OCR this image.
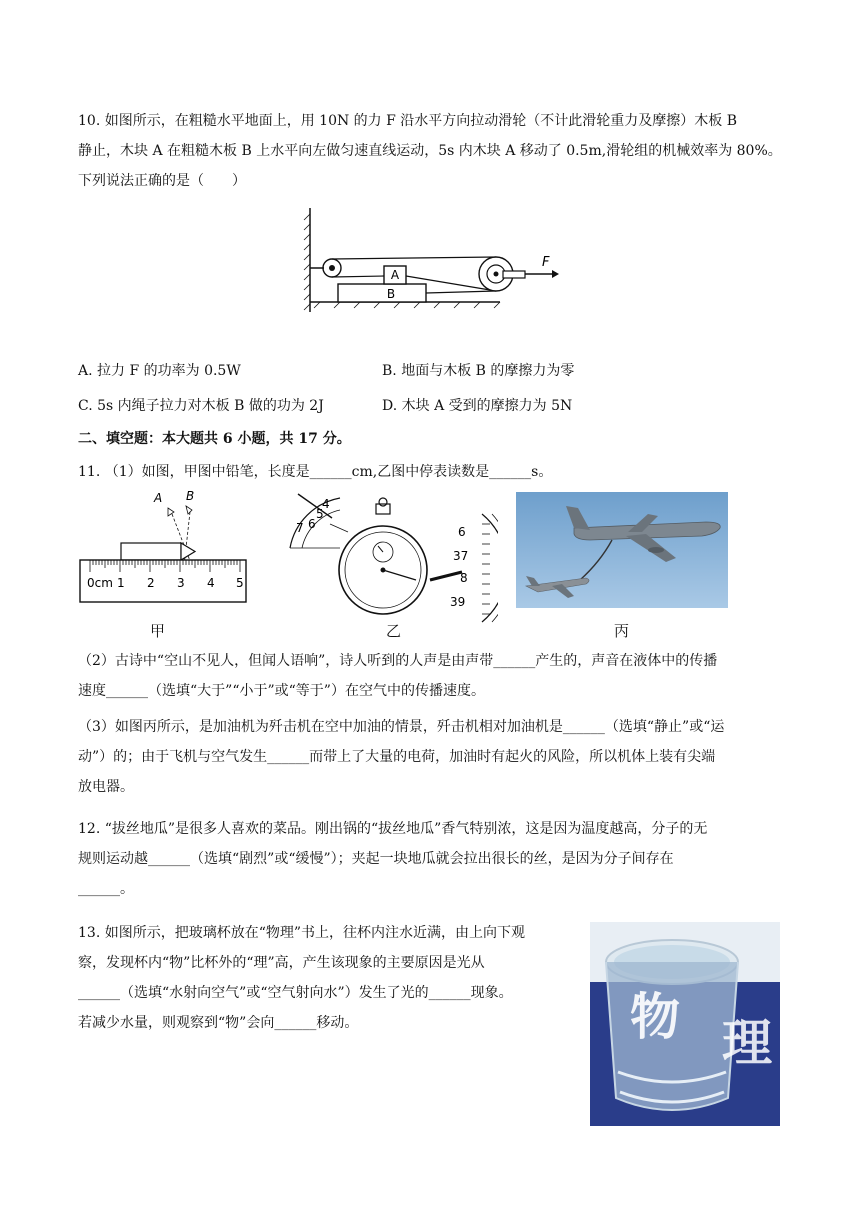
10. 如图所示，在粗糙水平地面上，用 10N 的力 F 沿水平方向拉动滑轮（不计此滑轮重力及摩擦）木板 B
静止，木块 A 在粗糙木板 B 上水平向左做匀速直线运动，5s 内木块 A 移动了 0.5m,滑轮组的机械效率为 80%。
下列说法正确的是（　　）
B
A
F
A. 拉力 F 的功率为 0.5W	B. 地面与木板 B 的摩擦力为零
C. 5s 内绳子拉力对木板 B 做的功为 2J	D. 木块 A 受到的摩擦力为 5N
二、填空题：本大题共 6 小题，共 17 分。
11. （1）如图，甲图中铅笔，长度是______cm,乙图中停表读数是______s。
A B
0cm 1 2 3 4 5
4
5
6
7	6
37
8
39
甲	乙	丙
（2）古诗中“空山不见人，但闻人语响”，诗人听到的人声是由声带______产生的，声音在液体中的传播
速度______（选填“大于”“小于”或“等于”）在空气中的传播速度。
（3）如图丙所示，是加油机为歼击机在空中加油的情景，歼击机相对加油机是______（选填“静止”或“运
动”）的；由于飞机与空气发生______而带上了大量的电荷，加油时有起火的风险，所以机体上装有尖端
放电器。
12. “拔丝地瓜”是很多人喜欢的菜品。刚出锅的“拔丝地瓜”香气特别浓，这是因为温度越高，分子的无
规则运动越______（选填“剧烈”或“缓慢”）；夹起一块地瓜就会拉出很长的丝，是因为分子间存在
______。
13. 如图所示，把玻璃杯放在“物理”书上，往杯内注水近满，由上向下观
察，发现杯内“物”比杯外的“理”高，产生该现象的主要原因是光从
______（选填“水射向空气”或“空气射向水”）发生了光的______现象。
若减少水量，则观察到“物”会向______移动。	物 理
